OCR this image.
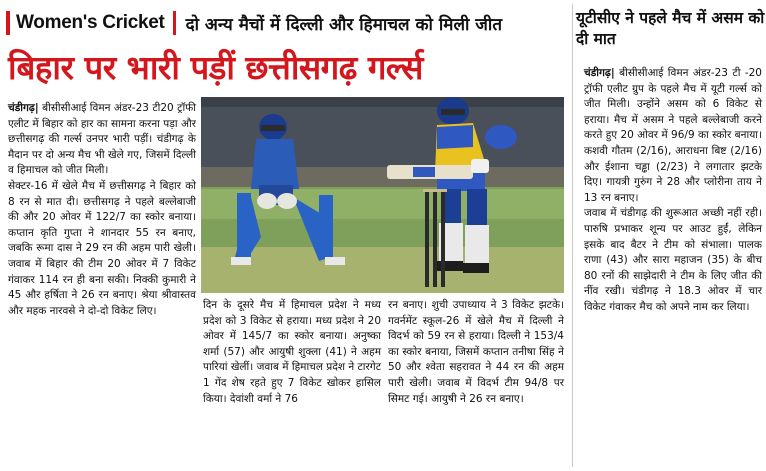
Women's Cricket दो अन्य मैचों में दिल्ली और हिमाचल को मिली जीत
बिहार पर भारी पड़ीं छत्तीसगढ़ गर्ल्स

चंडीगढ़| बीसीसीआई विमन अंडर-23 टी20 ट्रॉफी एलीट में बिहार को हार का सामना करना पड़ा और छत्तीसगढ़ की गर्ल्स उनपर भारी पड़ीं। चंडीगढ़ के मैदान पर दो अन्य मैच भी खेले गए, जिसमें दिल्ली व हिमाचल को जीत मिली।

सेक्टर-16 में खेले मैच में छत्तीसगढ़ ने बिहार को 8 रन से मात दी। छत्तीसगढ़ ने पहले बल्लेबाजी की और 20 ओवर में 122/7 का स्कोर बनाया। कप्तान कृति गुप्ता ने शानदार 55 रन बनाए, जबकि रूमा दास ने 29 रन की अहम पारी खेली। जवाब में बिहार की टीम 20 ओवर में 7 विकेट गंवाकर 114 रन ही बना सकी। निक्की कुमारी ने 45 और हर्षिता ने 26 रन बनाए। श्रेया श्रीवास्तव और महक नारवसे ने दो-दो विकेट लिए।	दिन के दूसरे मैच में हिमाचल प्रदेश ने मध्य प्रदेश को 3 विकेट से हराया। मध्य प्रदेश ने 20 ओवर में 145/7 का स्कोर बनाया। अनुष्का शर्मा (57) और आयुषी शुक्ला (41) ने अहम पारियां खेलीं। जवाब में हिमाचल प्रदेश ने टारगेट 1 गेंद शेष रहते हुए 7 विकेट खोकर हासिल किया। देवांशी वर्मा ने 76

रन बनाए। शुची उपाध्याय ने 3 विकेट झटके। गवर्नमेंट स्कूल-26 में खेले मैच में दिल्ली ने विदर्भ को 59 रन से हराया। दिल्ली ने 153/4 का स्कोर बनाया, जिसमें कप्तान तनीषा सिंह ने 50 और श्वेता सहरावत ने 44 रन की अहम पारी खेली। जवाब में विदर्भ टीम 94/8 पर सिमट गई। आयुषी ने 26 रन बनाए।

यूटीसीए ने पहले मैच में असम को दी मात

चंडीगढ़| बीसीसीआई विमन अंडर-23 टी -20 ट्रॉफी एलीट ग्रुप के पहले मैच में यूटी गर्ल्स को जीत मिली। उन्होंने असम को 6 विकेट से हराया। मैच में असम ने पहले बल्लेबाजी करने करते हुए 20 ओवर में 96/9 का स्कोर बनाया। कशवी गौतम (2/16), आराधना बिष्ट (2/16) और ईशाना चड्ढा (2/23) ने लगातार झटके दिए। गायत्री गुरुंग ने 28 और प्लोरीना ताय ने 13 रन बनाए।

जवाब में चंडीगढ़ की शुरूआत अच्छी नहीं रही। पारुषि प्रभाकर शून्य पर आउट हुईं, लेकिन इसके बाद बैटर ने टीम को संभाला। पालक राणा (43) और सारा महाजन (35) के बीच 80 रनों की साझेदारी ने टीम के लिए जीत की नींव रखी। चंडीगढ़ ने 18.3 ओवर में चार विकेट गंवाकर मैच को अपने नाम कर लिया।
